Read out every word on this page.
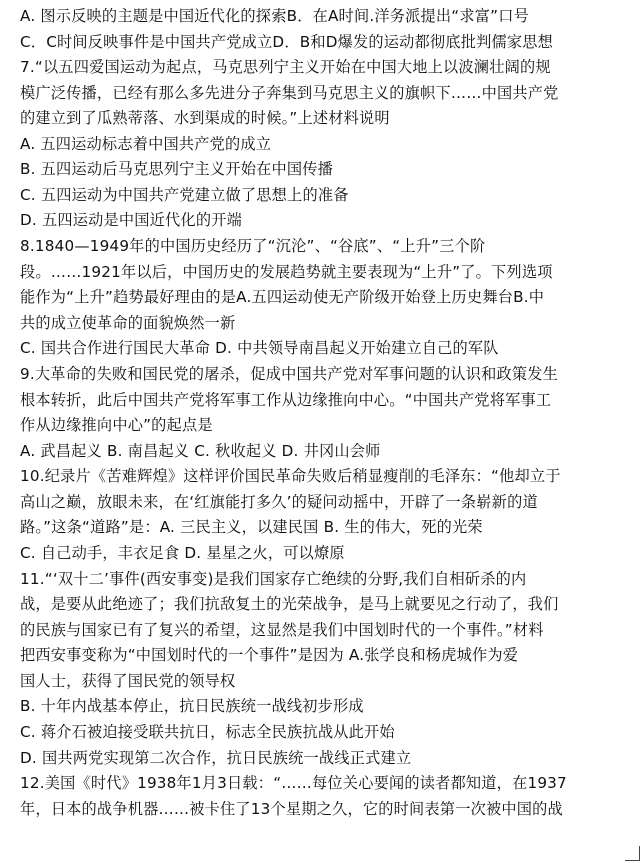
A. 图示反映的主题是中国近代化的探索B．在A时间.洋务派提出“求富”口号
C．C时间反映事件是中国共产党成立D．B和D爆发的运动都彻底批判儒家思想
7.“以五四爱国运动为起点，马克思列宁主义开始在中国大地上以波澜壮阔的规
模广泛传播，已经有那么多先进分子奔集到马克思主义的旗帜下……中国共产党
的建立到了瓜熟蒂落、水到渠成的时候。”上述材料说明
A. 五四运动标志着中国共产党的成立
B. 五四运动后马克思列宁主义开始在中国传播
C. 五四运动为中国共产党建立做了思想上的准备
D. 五四运动是中国近代化的开端
8.1840—1949年的中国历史经历了“沉沦”、“谷底”、“上升”三个阶
段。……1921年以后，中国历史的发展趋势就主要表现为“上升”了。下列选项
能作为“上升”趋势最好理由的是A.五四运动使无产阶级开始登上历史舞台B.中
共的成立使革命的面貌焕然一新
C. 国共合作进行国民大革命 D. 中共领导南昌起义开始建立自己的军队
9.大革命的失败和国民党的屠杀，促成中国共产党对军事问题的认识和政策发生
根本转折，此后中国共产党将军事工作从边缘推向中心。“中国共产党将军事工
作从边缘推向中心”的起点是
A. 武昌起义 B. 南昌起义 C. 秋收起义 D. 井冈山会师
10.纪录片《苦难辉煌》这样评价国民革命失败后稍显瘦削的毛泽东：“他却立于
高山之巅，放眼未来，在‘红旗能打多久’的疑问动摇中，开辟了一条崭新的道
路。”这条“道路”是：A. 三民主义，以建民国 B. 生的伟大，死的光荣
C. 自己动手，丰衣足食 D. 星星之火，可以燎原
11.“‘双十二’事件(西安事变)是我们国家存亡绝续的分野,我们自相斫杀的内
战，是要从此绝迹了；我们抗敌复土的光荣战争，是马上就要见之行动了，我们
的民族与国家已有了复兴的希望，这显然是我们中国划时代的一个事件。”材料
把西安事变称为“中国划时代的一个事件”是因为 A.张学良和杨虎城作为爱
国人士，获得了国民党的领导权
B. 十年内战基本停止，抗日民族统一战线初步形成
C. 蒋介石被迫接受联共抗日，标志全民族抗战从此开始
D. 国共两党实现第二次合作，抗日民族统一战线正式建立
12.美国《时代》1938年1月3日载：“……每位关心要闻的读者都知道，在1937
年，日本的战争机器……被卡住了13个星期之久，它的时间表第一次被中国的战
